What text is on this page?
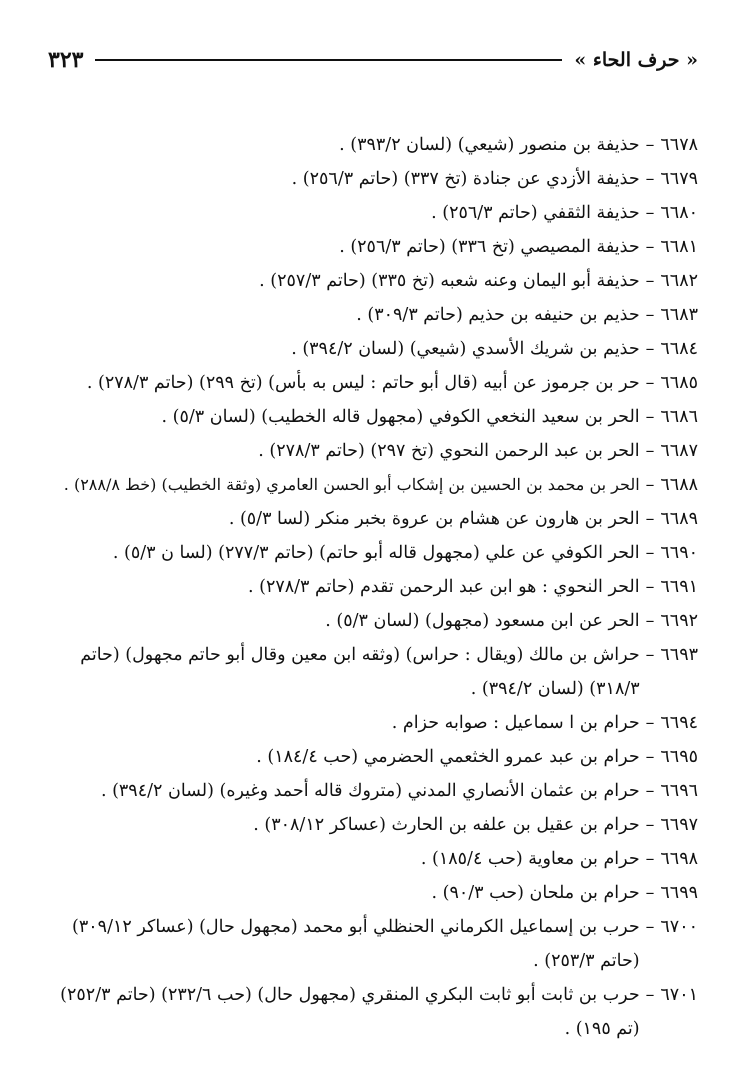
« حرف الحاء »
٣٢٣
٦٦٧٨
–
حذيفة بن منصور (شيعي) (لسان ٣٩٣/٢) .
٦٦٧٩
–
حذيفة الأزدي عن جنادة (تخ ٣٣٧) (حاتم ٢٥٦/٣) .
٦٦٨٠
–
حذيفة الثقفي (حاتم ٢٥٦/٣) .
٦٦٨١
–
حذيفة المصيصي (تخ ٣٣٦) (حاتم ٢٥٦/٣) .
٦٦٨٢
–
حذيفة أبو اليمان وعنه شعبه (تخ ٣٣٥) (حاتم ٢٥٧/٣) .
٦٦٨٣
–
حذيم بن حنيفه بن حذيم (حاتم ٣٠٩/٣) .
٦٦٨٤
–
حذيم بن شريك الأسدي (شيعي) (لسان ٣٩٤/٢) .
٦٦٨٥
–
حر بن جرموز عن أبيه (قال أبو حاتم : ليس به بأس) (تخ ٢٩٩) (حاتم ٢٧٨/٣) .
٦٦٨٦
–
الحر بن سعيد النخعي الكوفي (مجهول قاله الخطيب) (لسان ٥/٣) .
٦٦٨٧
–
الحر بن عبد الرحمن النحوي (تخ ٢٩٧) (حاتم ٢٧٨/٣) .
٦٦٨٨
–
الحر بن محمد بن الحسين بن إشكاب أبو الحسن العامري (وثقة الخطيب) (خط ٢٨٨/٨) .
٦٦٨٩
–
الحر بن هارون عن هشام بن عروة بخبر منكر (لسا ٥/٣) .
٦٦٩٠
–
الحر الكوفي عن علي (مجهول قاله أبو حاتم) (حاتم ٢٧٧/٣) (لسا ن ٥/٣) .
٦٦٩١
–
الحر النحوي : هو ابن عبد الرحمن تقدم (حاتم ٢٧٨/٣) .
٦٦٩٢
–
الحر عن ابن مسعود (مجهول) (لسان ٥/٣) .
٦٦٩٣
–
حراش بن مالك (ويقال : حراس) (وثقه ابن معين وقال أبو حاتم مجهول) (حاتم ٣١٨/٣) (لسان ٣٩٤/٢) .
٦٦٩٤
–
حرام بن ا سماعيل : صوابه حزام .
٦٦٩٥
–
حرام بن عبد عمرو الخثعمي الحضرمي (حب ١٨٤/٤) .
٦٦٩٦
–
حرام بن عثمان الأنصاري المدني (متروك قاله أحمد وغيره) (لسان ٣٩٤/٢) .
٦٦٩٧
–
حرام بن عقيل بن علفه بن الحارث (عساكر ٣٠٨/١٢) .
٦٦٩٨
–
حرام بن معاوية (حب ١٨٥/٤) .
٦٦٩٩
–
حرام بن ملحان (حب ٩٠/٣) .
٦٧٠٠
–
حرب بن إسماعيل الكرماني الحنظلي أبو محمد (مجهول حال) (عساكر ٣٠٩/١٢) (حاتم ٢٥٣/٣) .
٦٧٠١
–
حرب بن ثابت أبو ثابت البكري المنقري (مجهول حال) (حب ٢٣٢/٦) (حاتم ٢٥٢/٣) (تم ١٩٥) .
